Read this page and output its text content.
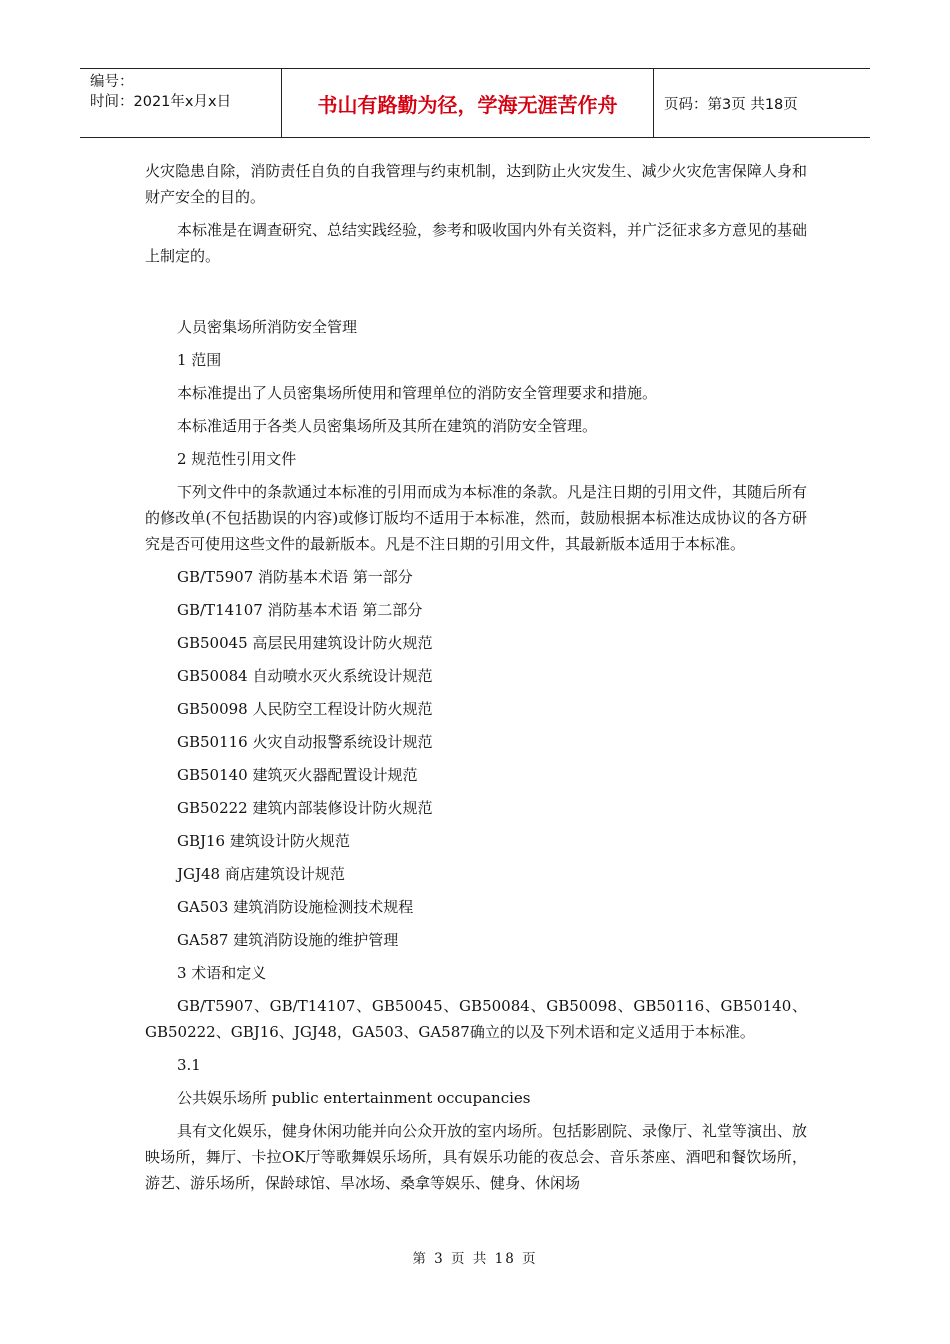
编号：
时间：2021年x月x日	书山有路勤为径，学海无涯苦作舟	页码：第3页 共18页

火灾隐患自除，消防责任自负的自我管理与约束机制，达到防止火灾发生、减少火灾危害保障人身和财产安全的目的。

本标准是在调查研究、总结实践经验，参考和吸收国内外有关资料，并广泛征求多方意见的基础上制定的。

人员密集场所消防安全管理
1 范围

本标准提出了人员密集场所使用和管理单位的消防安全管理要求和措施。

本标准适用于各类人员密集场所及其所在建筑的消防安全管理。

2 规范性引用文件

下列文件中的条款通过本标准的引用而成为本标准的条款。凡是注日期的引用文件，其随后所有的修改单(不包括勘误的内容)或修订版均不适用于本标准，然而，鼓励根据本标准达成协议的各方研究是否可使用这些文件的最新版本。凡是不注日期的引用文件，其最新版本适用于本标准。

GB/T5907 消防基本术语 第一部分
GB/T14107 消防基本术语 第二部分
GB50045 高层民用建筑设计防火规范
GB50084 自动喷水灭火系统设计规范
GB50098 人民防空工程设计防火规范
GB50116 火灾自动报警系统设计规范
GB50140 建筑灭火器配置设计规范
GB50222 建筑内部装修设计防火规范
GBJ16 建筑设计防火规范
JGJ48 商店建筑设计规范
GA503 建筑消防设施检测技术规程
GA587 建筑消防设施的维护管理
3 术语和定义

GB/T5907、GB/T14107、GB50045、GB50084、GB50098、GB50116、GB50140、GB50222、GBJ16、JGJ48，GA503、GA587确立的以及下列术语和定义适用于本标准。

3.1
公共娱乐场所 public entertainment occupancies

具有文化娱乐，健身休闲功能并向公众开放的室内场所。包括影剧院、录像厅、礼堂等演出、放映场所，舞厅、卡拉OK厅等歌舞娱乐场所，具有娱乐功能的夜总会、音乐茶座、酒吧和餐饮场所，游艺、游乐场所，保龄球馆、旱冰场、桑拿等娱乐、健身、休闲场

第 3 页 共 18 页
